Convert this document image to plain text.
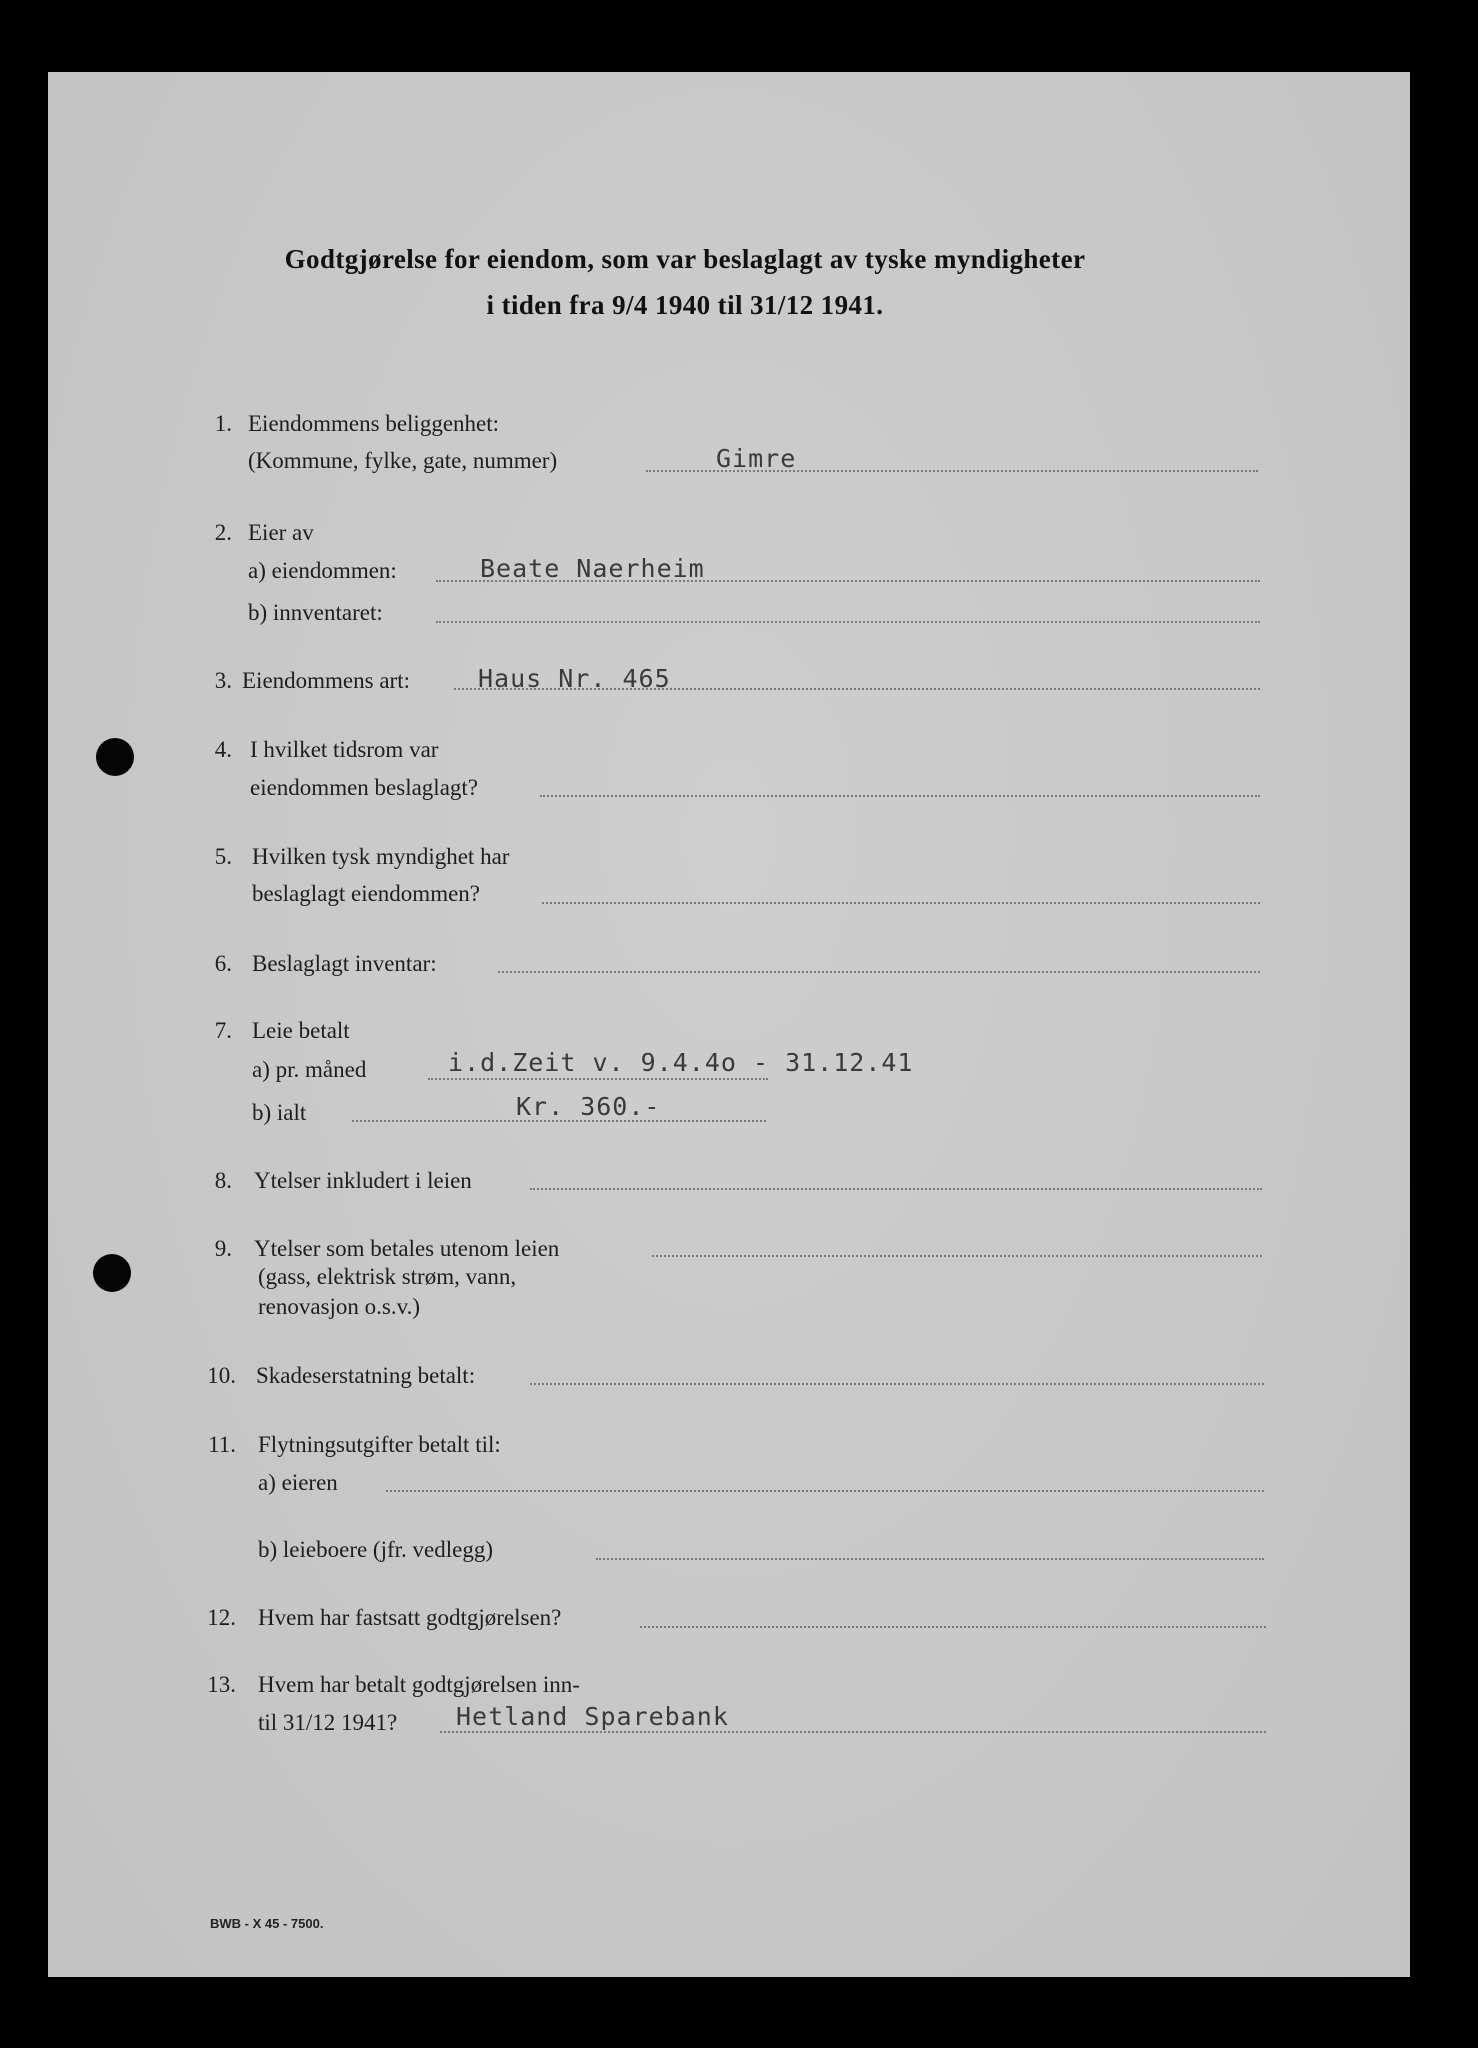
Godtgjørelse for eiendom, som var beslaglagt av tyske myndigheter
i tiden fra 9/4 1940 til 31/12 1941.
1. Eiendommens beliggenhet:
(Kommune, fylke, gate, nummer)	Gimre
2. Eier av
a) eiendommen:	Beate Naerheim
b) innventaret:
3. Eiendommens art:	Haus Nr. 465
4. I hvilket tidsrom var
eiendommen beslaglagt?
5. Hvilken tysk myndighet har
beslaglagt eiendommen?
6. Beslaglagt inventar:
7. Leie betalt
a) pr. måned	i.d.Zeit v. 9.4.4o - 31.12.41
b) ialt	Kr. 360.-
8. Ytelser inkludert i leien
9. Ytelser som betales utenom leien
(gass, elektrisk strøm, vann,
renovasjon o.s.v.)
10. Skadeserstatning betalt:
11. Flytningsutgifter betalt til:
a) eieren
b) leieboere (jfr. vedlegg)
12. Hvem har fastsatt godtgjørelsen?
13. Hvem har betalt godtgjørelsen inn-
til 31/12 1941? Hetland Sparebank
BWB - X 45 - 7500.
